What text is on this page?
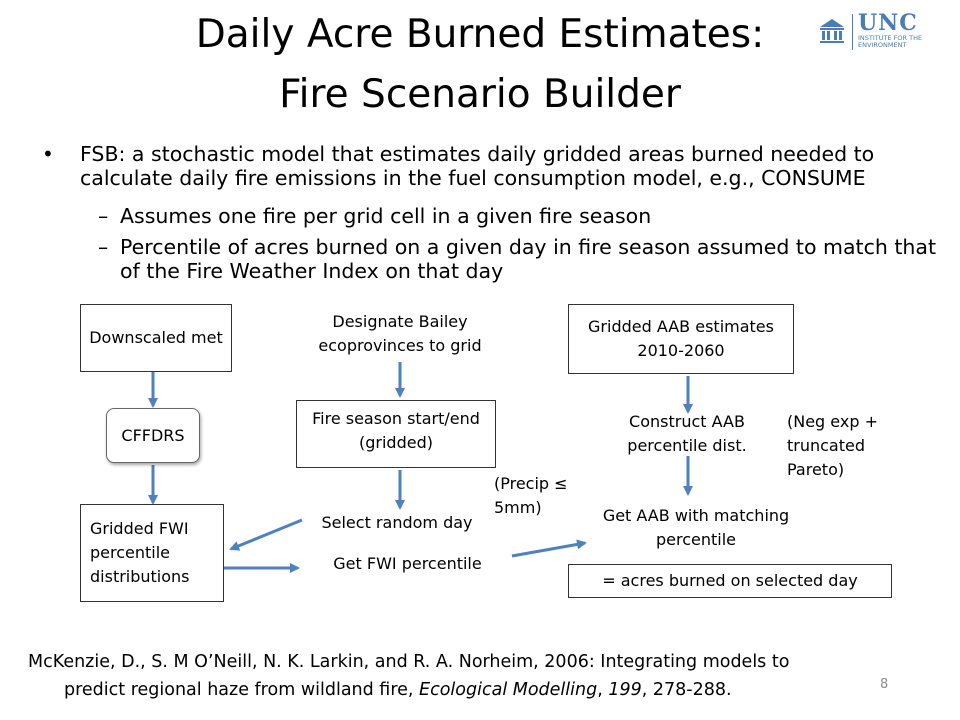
Daily Acre Burned Estimates:
Fire Scenario Builder
UNC
INSTITUTE FOR THE ENVIRONMENT
• FSB: a stochastic model that estimates daily gridded areas burned needed to calculate daily fire emissions in the fuel consumption model, e.g., CONSUME
– Assumes one fire per grid cell in a given fire season
– Percentile of acres burned on a given day in fire season assumed to match that of the Fire Weather Index on that day
Downscaled met
Designate Bailey ecoprovinces to grid
Gridded AAB estimates 2010-2060
CFFDRS
Fire season start/end (gridded)
Construct AAB percentile dist.
(Neg exp + truncated Pareto)
(Precip ≤ 5mm)
Gridded FWI percentile distributions
Select random day
Get FWI percentile
Get AAB with matching percentile
= acres burned on selected day
McKenzie, D., S. M O’Neill, N. K. Larkin, and R. A. Norheim, 2006: Integrating models to
predict regional haze from wildland fire, Ecological Modelling, 199, 278-288.	8
